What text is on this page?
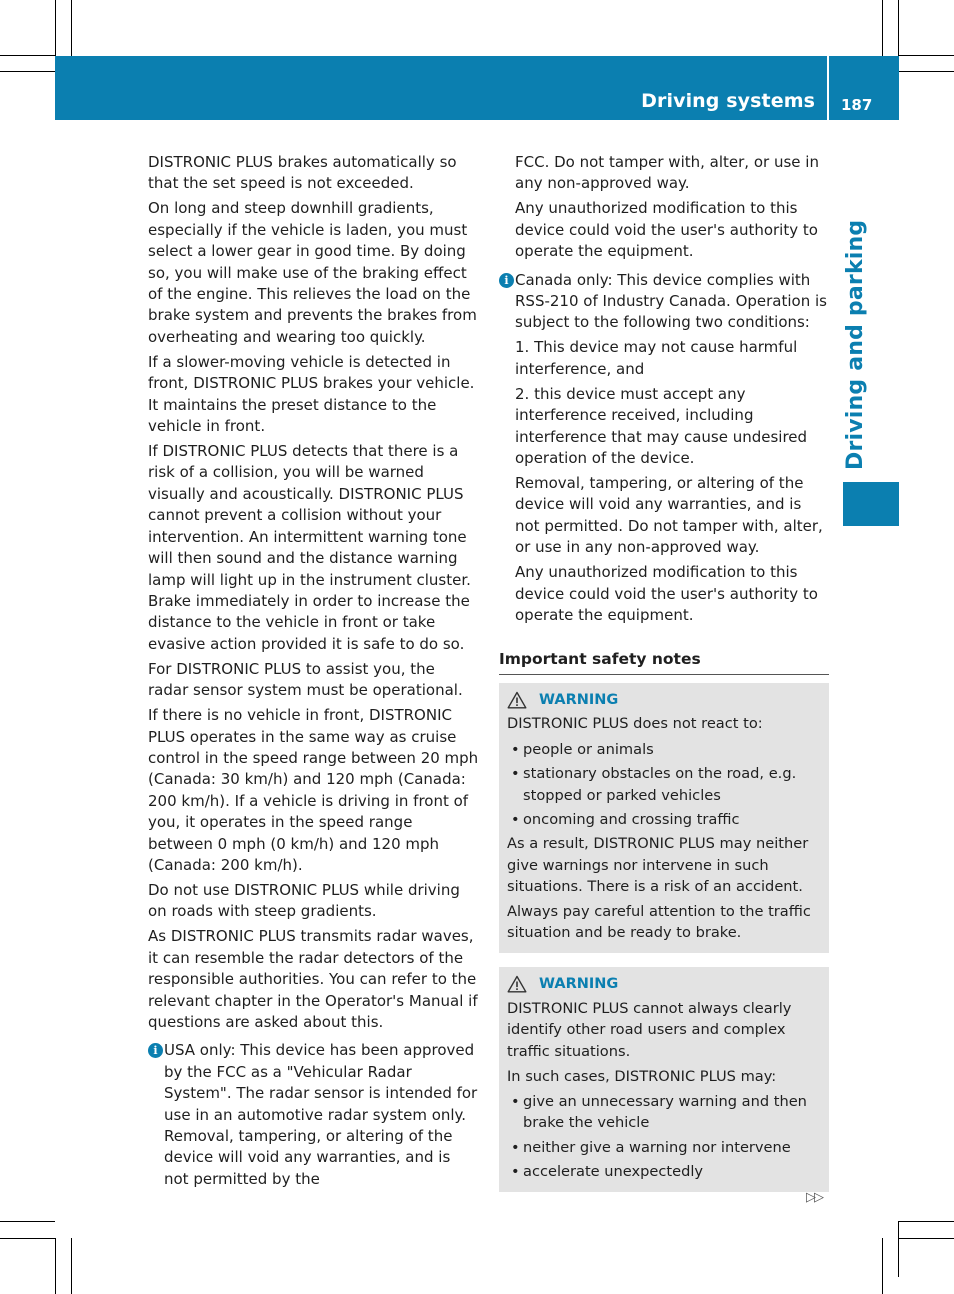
Driving systems 187
Driving and parking

DISTRONIC PLUS brakes automatically so that the set speed is not exceeded.

On long and steep downhill gradients, especially if the vehicle is laden, you must select a lower gear in good time. By doing so, you will make use of the braking effect of the engine. This relieves the load on the brake system and prevents the brakes from overheating and wearing too quickly.

If a slower-moving vehicle is detected in front, DISTRONIC PLUS brakes your vehicle. It maintains the preset distance to the vehicle in front.

If DISTRONIC PLUS detects that there is a risk of a collision, you will be warned visually and acoustically. DISTRONIC PLUS cannot prevent a collision without your intervention. An intermittent warning tone will then sound and the distance warning lamp will light up in the instrument cluster. Brake immediately in order to increase the distance to the vehicle in front or take evasive action provided it is safe to do so.

For DISTRONIC PLUS to assist you, the radar sensor system must be operational.

If there is no vehicle in front, DISTRONIC PLUS operates in the same way as cruise control in the speed range between 20 mph (Canada: 30 km/h) and 120 mph (Canada: 200 km/h). If a vehicle is driving in front of you, it operates in the speed range between 0 mph (0 km/h) and 120 mph (Canada: 200 km/h).

Do not use DISTRONIC PLUS while driving on roads with steep gradients.

As DISTRONIC PLUS transmits radar waves, it can resemble the radar detectors of the responsible authorities. You can refer to the relevant chapter in the Operator's Manual if questions are asked about this.

i USA only: This device has been approved by the FCC as a "Vehicular Radar System". The radar sensor is intended for use in an automotive radar system only. Removal, tampering, or altering of the device will void any warranties, and is not permitted by the

FCC. Do not tamper with, alter, or use in any non-approved way.

Any unauthorized modification to this device could void the user's authority to operate the equipment.

i Canada only: This device complies with RSS-210 of Industry Canada. Operation is subject to the following two conditions:

1. This device may not cause harmful interference, and

2. this device must accept any interference received, including interference that may cause undesired operation of the device.

Removal, tampering, or altering of the device will void any warranties, and is not permitted. Do not tamper with, alter, or use in any non-approved way.

Any unauthorized modification to this device could void the user's authority to operate the equipment.

Important safety notes
WARNING

DISTRONIC PLUS does not react to:

• people or animals
• stationary obstacles on the road, e.g. stopped or parked vehicles
• oncoming and crossing traffic

As a result, DISTRONIC PLUS may neither give warnings nor intervene in such situations. There is a risk of an accident.

Always pay careful attention to the traffic situation and be ready to brake.

WARNING

DISTRONIC PLUS cannot always clearly identify other road users and complex traffic situations.

In such cases, DISTRONIC PLUS may:

• give an unnecessary warning and then brake the vehicle
• neither give a warning nor intervene
• accelerate unexpectedly
▷▷
